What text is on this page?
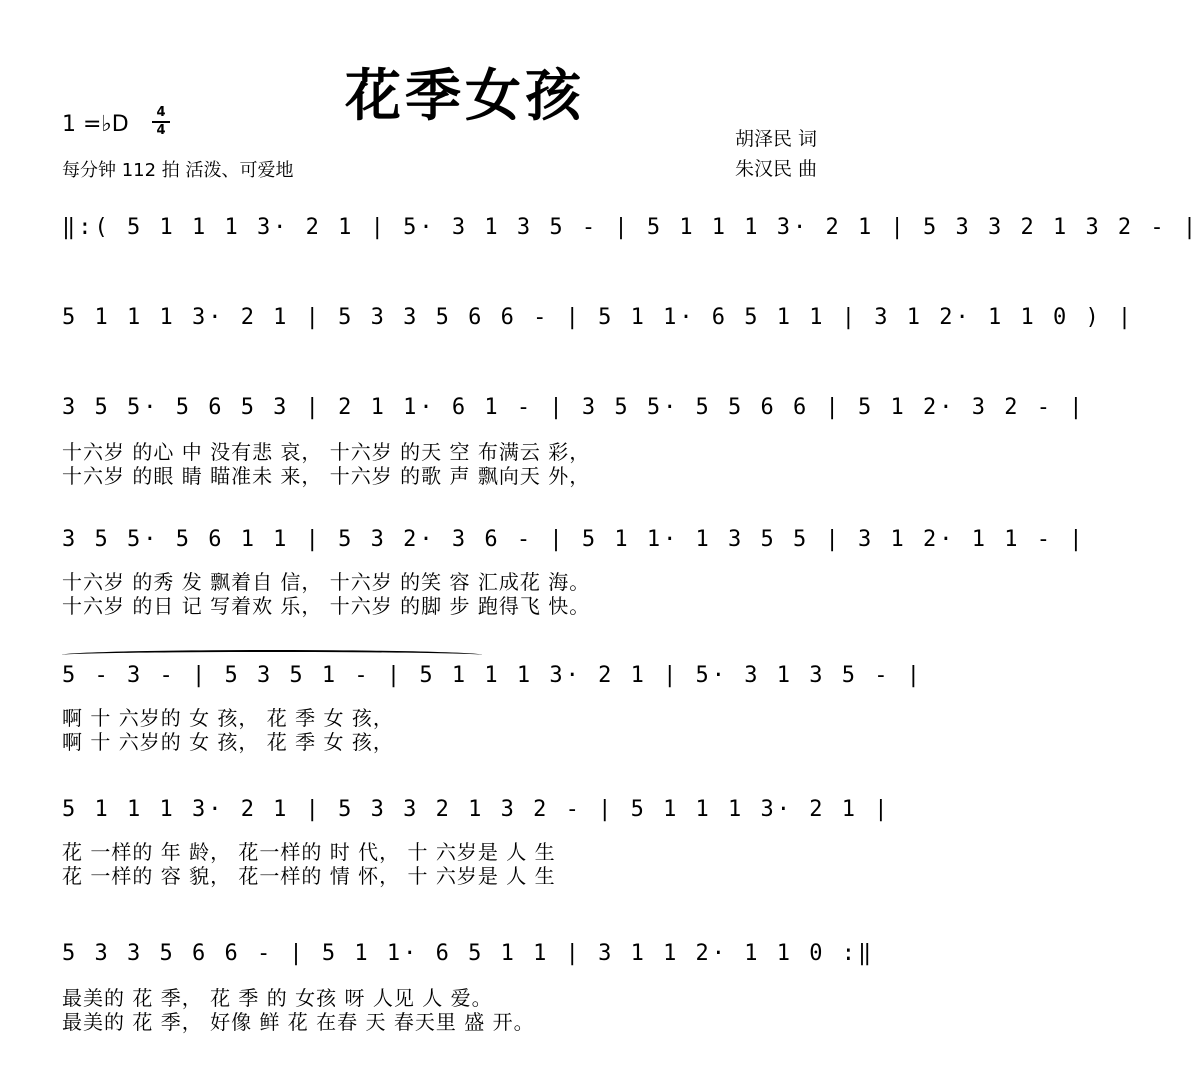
花季女孩
1 =♭D	4
4
每分钟 112 拍 活泼、可爱地
胡泽民 词
朱汉民 曲
‖:( 5 1 1 1 3· 2 1 | 5· 3 1 3 5 - | 5 1 1 1 3· 2 1 | 5 3 3 2 1 3 2 - |
5 1 1 1 3· 2 1 | 5 3 3 5 6 6 - | 5 1 1· 6 5 1 1 | 3 1 2· 1 1 0 ) |
3 5 5· 5 6 5 3 | 2 1 1· 6 1 - | 3 5 5· 5 5 6 6 | 5 1 2· 3 2 - |
十六岁 的心 中 没有悲 哀， 十六岁 的天 空 布满云 彩，
十六岁 的眼 睛 瞄准未 来， 十六岁 的歌 声 飘向天 外，
3 5 5· 5 6 1 1 | 5 3 2· 3 6 - | 5 1 1· 1 3 5 5 | 3 1 2· 1 1 - |
十六岁 的秀 发 飘着自 信， 十六岁 的笑 容 汇成花 海。
十六岁 的日 记 写着欢 乐， 十六岁 的脚 步 跑得飞 快。
5 - 3 - | 5 3 5 1 - | 5 1 1 1 3· 2 1 | 5· 3 1 3 5 - |
啊 十 六岁的 女 孩， 花 季 女 孩，
啊 十 六岁的 女 孩， 花 季 女 孩，
5 1 1 1 3· 2 1 | 5 3 3 2 1 3 2 - | 5 1 1 1 3· 2 1 |
花 一样的 年 龄， 花一样的 时 代， 十 六岁是 人 生
花 一样的 容 貌， 花一样的 情 怀， 十 六岁是 人 生
5 3 3 5 6 6 - | 5 1 1· 6 5 1 1 | 3 1 1 2· 1 1 0 :‖
最美的 花 季， 花 季 的 女孩 呀 人见 人 爱。
最美的 花 季， 好像 鲜 花 在春 天 春天里 盛 开。
